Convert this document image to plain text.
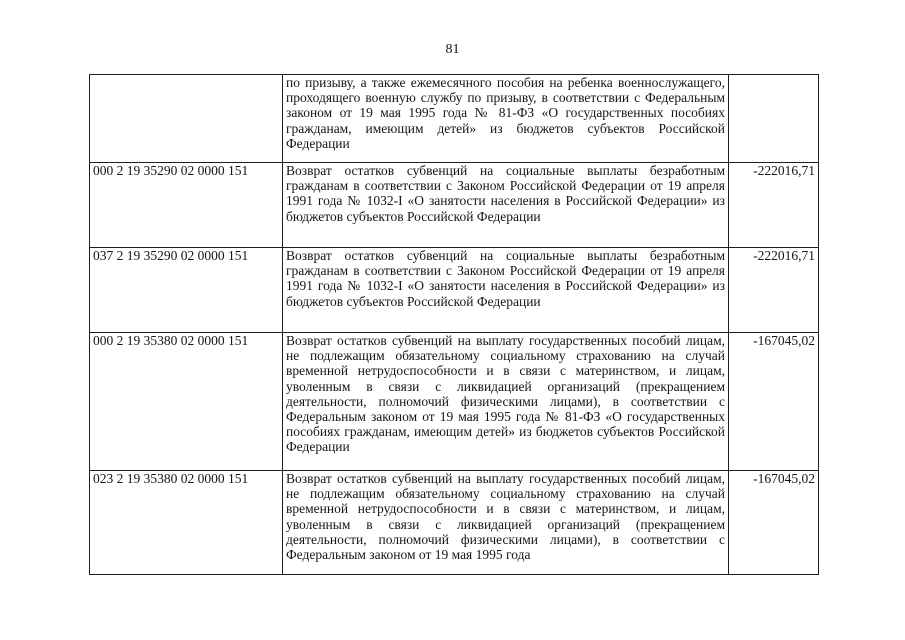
81
	по призыву, а также ежемесячного пособия на ребенка военнослужащего, проходящего военную службу по призыву, в соответствии с Федеральным законом от 19 мая 1995 года № 81-ФЗ «О государственных пособиях гражданам, имеющим детей» из бюджетов субъектов Российской Федерации	
000 2 19 35290 02 0000 151	Возврат остатков субвенций на социальные выплаты безработным гражданам в соответствии с Законом Российской Федерации от 19 апреля 1991 года № 1032-I «О занятости населения в Российской Федерации» из бюджетов субъектов Российской Федерации	-222016,71
037 2 19 35290 02 0000 151	Возврат остатков субвенций на социальные выплаты безработным гражданам в соответствии с Законом Российской Федерации от 19 апреля 1991 года № 1032-I «О занятости населения в Российской Федерации» из бюджетов субъектов Российской Федерации	-222016,71
000 2 19 35380 02 0000 151	Возврат остатков субвенций на выплату государственных пособий лицам, не подлежащим обязательному социальному страхованию на случай временной нетрудоспособности и в связи с материнством, и лицам, уволенным в связи с ликвидацией организаций (прекращением деятельности, полномочий физическими лицами), в соответствии с Федеральным законом от 19 мая 1995 года № 81-ФЗ «О государственных пособиях гражданам, имеющим детей» из бюджетов субъектов Российской Федерации	-167045,02
023 2 19 35380 02 0000 151	Возврат остатков субвенций на выплату государственных пособий лицам, не подлежащим обязательному социальному страхованию на случай временной нетрудоспособности и в связи с материнством, и лицам, уволенным в связи с ликвидацией организаций (прекращением деятельности, полномочий физическими лицами), в соответствии с Федеральным законом от 19 мая 1995 года	-167045,02
